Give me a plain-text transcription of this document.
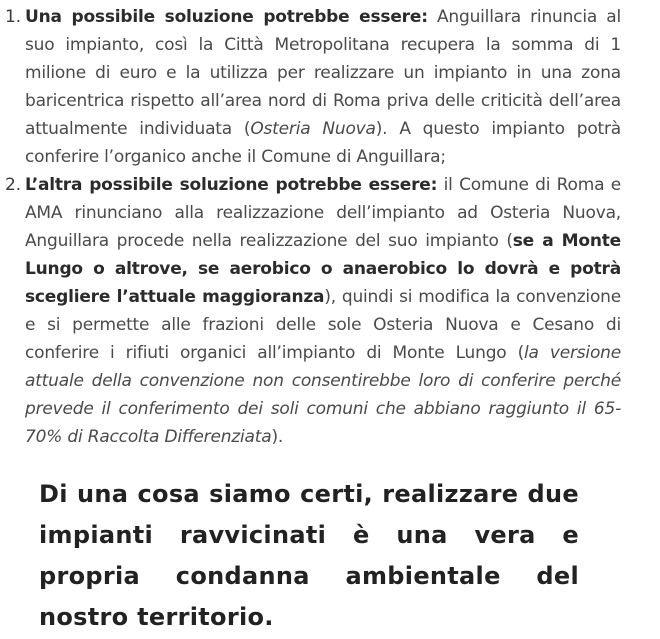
1. Una possibile soluzione potrebbe essere: Anguillara rinuncia al suo impianto, così la Città Metropolitana recupera la somma di 1 milione di euro e la utilizza per realizzare un impianto in una zona baricentrica rispetto all’area nord di Roma priva delle criticità dell’area attualmente individuata (Osteria Nuova). A questo impianto potrà conferire l’organico anche il Comune di Anguillara;
2. L’altra possibile soluzione potrebbe essere: il Comune di Roma e AMA rinunciano alla realizzazione dell’impianto ad Osteria Nuova, Anguillara procede nella realizzazione del suo impianto (se a Monte Lungo o altrove, se aerobico o anaerobico lo dovrà e potrà scegliere l’attuale maggioranza), quindi si modifica la convenzione e si permette alle frazioni delle sole Osteria Nuova e Cesano di conferire i rifiuti organici all’impianto di Monte Lungo (la versione attuale della convenzione non consentirebbe loro di conferire perché prevede il conferimento dei soli comuni che abbiano raggiunto il 65-70% di Raccolta Differenziata).

Di una cosa siamo certi, realizzare due impianti ravvicinati è una vera e propria condanna ambientale del nostro territorio.
